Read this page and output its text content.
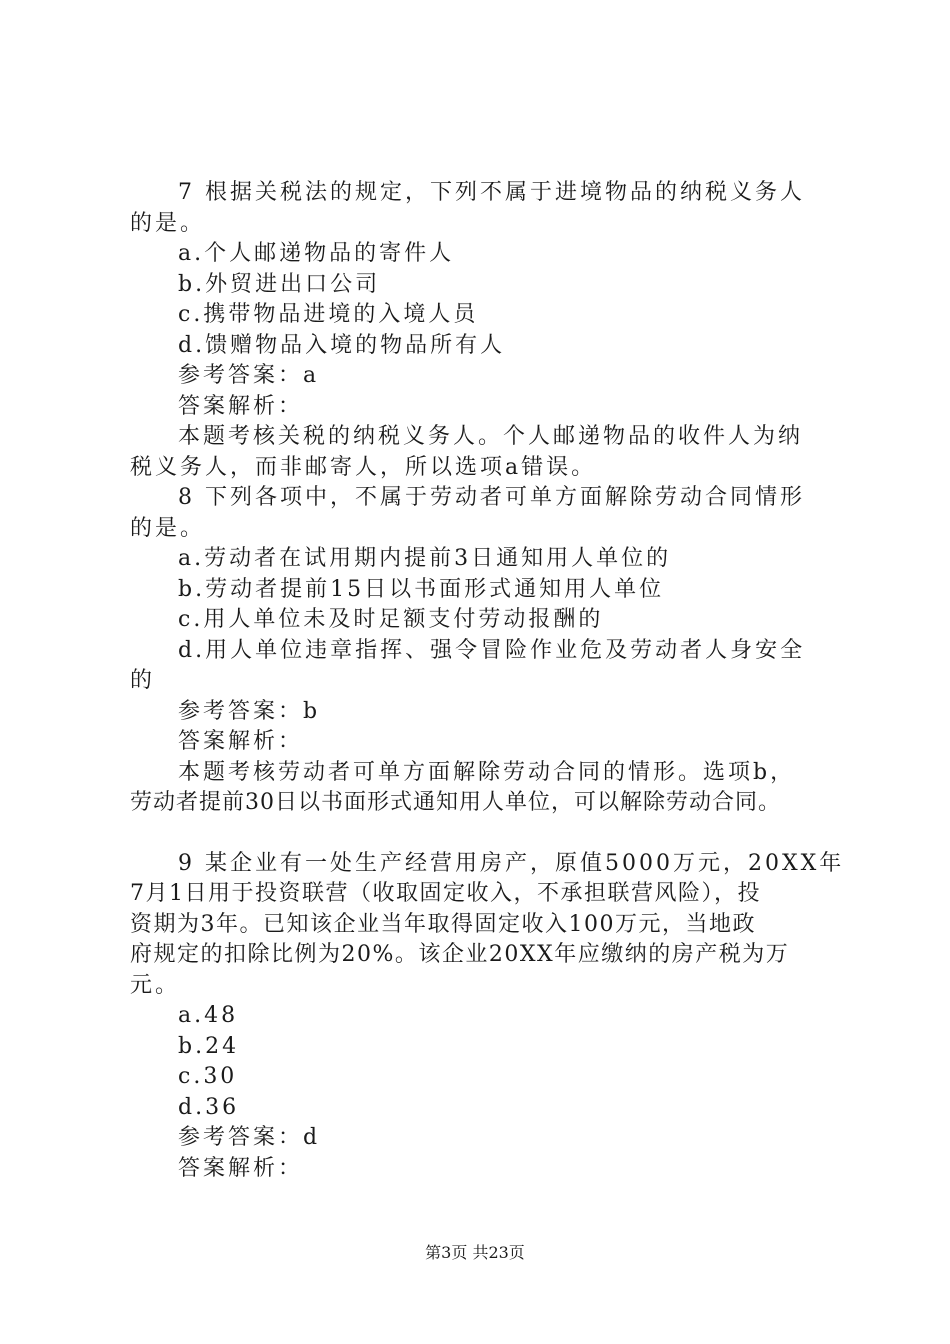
7 根据关税法的规定，下列不属于进境物品的纳税义务人
的是。
a.个人邮递物品的寄件人
b.外贸进出口公司
c.携带物品进境的入境人员
d.馈赠物品入境的物品所有人
参考答案：a
答案解析：
本题考核关税的纳税义务人。个人邮递物品的收件人为纳
税义务人，而非邮寄人，所以选项a错误。
8 下列各项中，不属于劳动者可单方面解除劳动合同情形
的是。
a.劳动者在试用期内提前3日通知用人单位的
b.劳动者提前15日以书面形式通知用人单位
c.用人单位未及时足额支付劳动报酬的
d.用人单位违章指挥、强令冒险作业危及劳动者人身安全
的
参考答案：b
答案解析：
本题考核劳动者可单方面解除劳动合同的情形。选项b，
劳动者提前30日以书面形式通知用人单位，可以解除劳动合同。
9 某企业有一处生产经营用房产，原值5000万元，20XX年
7月1日用于投资联营（收取固定收入，不承担联营风险），投
资期为3年。已知该企业当年取得固定收入100万元，当地政
府规定的扣除比例为20%。该企业20XX年应缴纳的房产税为万
元。
a.48
b.24
c.30
d.36
参考答案：d
答案解析：
第3页 共23页
